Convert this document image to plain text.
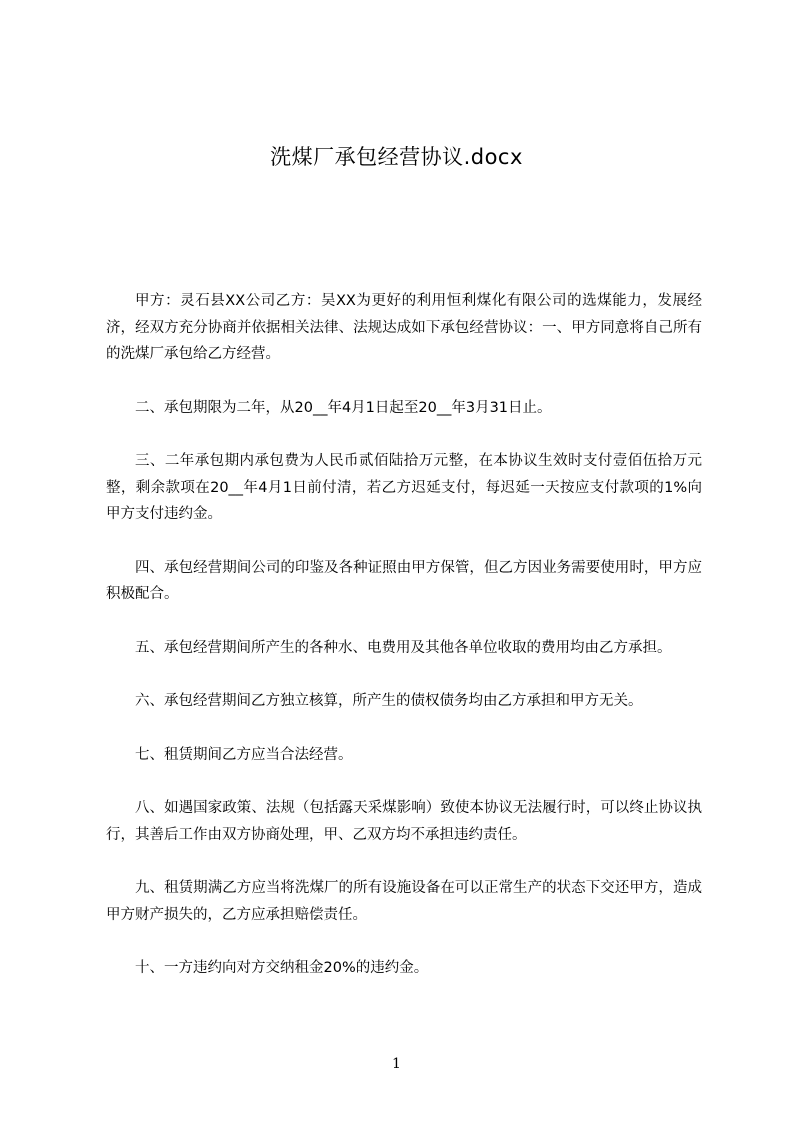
洗煤厂承包经营协议.docx

甲方：灵石县XX公司乙方：吴XX为更好的利用恒利煤化有限公司的选煤能力，发展经济，经双方充分协商并依据相关法律、法规达成如下承包经营协议：一、甲方同意将自己所有的洗煤厂承包给乙方经营。

二、承包期限为二年，从20__年4月1日起至20__年3月31日止。

三、二年承包期内承包费为人民币贰佰陆拾万元整，在本协议生效时支付壹佰伍拾万元整，剩余款项在20__年4月1日前付清，若乙方迟延支付，每迟延一天按应支付款项的1%向甲方支付违约金。

四、承包经营期间公司的印鉴及各种证照由甲方保管，但乙方因业务需要使用时，甲方应积极配合。

五、承包经营期间所产生的各种水、电费用及其他各单位收取的费用均由乙方承担。

六、承包经营期间乙方独立核算，所产生的债权债务均由乙方承担和甲方无关。

七、租赁期间乙方应当合法经营。

八、如遇国家政策、法规（包括露天采煤影响）致使本协议无法履行时，可以终止协议执行，其善后工作由双方协商处理，甲、乙双方均不承担违约责任。

九、租赁期满乙方应当将洗煤厂的所有设施设备在可以正常生产的状态下交还甲方，造成甲方财产损失的，乙方应承担赔偿责任。

十、一方违约向对方交纳租金20%的违约金。

1
